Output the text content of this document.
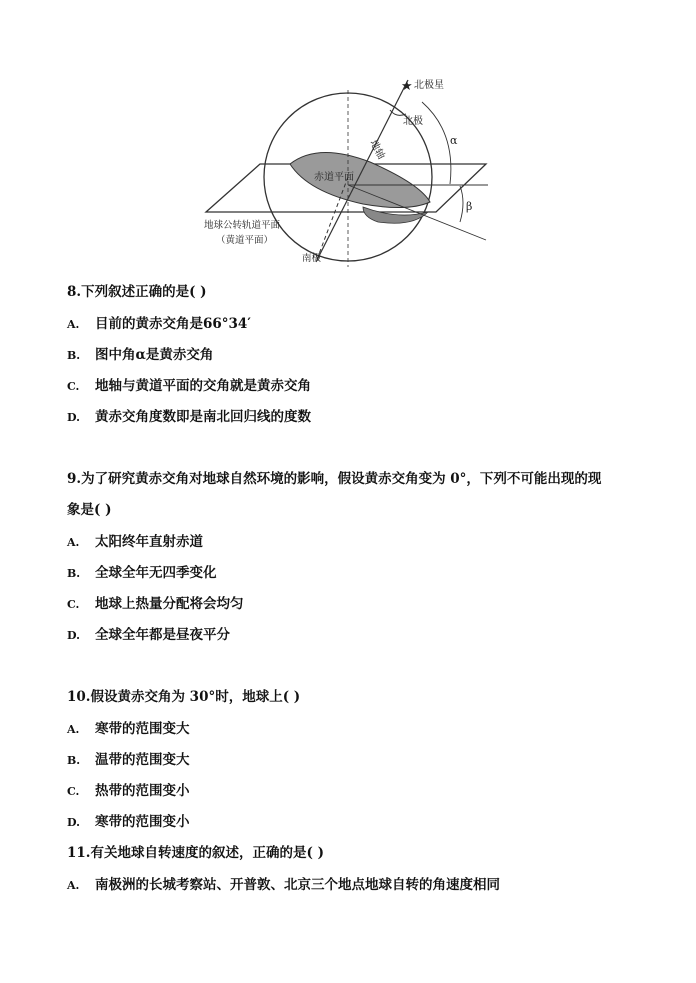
★ 北极星
北极
地轴
赤道平面
地球公转轨道平面
（黄道平面）
南极
α
β
8.下列叙述正确的是( )
A. 目前的黄赤交角是66°34′
B. 图中角α是黄赤交角
C. 地轴与黄道平面的交角就是黄赤交角
D. 黄赤交角度数即是南北回归线的度数
9.为了研究黄赤交角对地球自然环境的影响，假设黄赤交角变为 0°，下列不可能出现的现
象是( )
A. 太阳终年直射赤道
B. 全球全年无四季变化
C. 地球上热量分配将会均匀
D. 全球全年都是昼夜平分
10.假设黄赤交角为 30°时，地球上( )
A. 寒带的范围变大
B. 温带的范围变大
C. 热带的范围变小
D. 寒带的范围变小
11.有关地球自转速度的叙述，正确的是( )
A. 南极洲的长城考察站、开普敦、北京三个地点地球自转的角速度相同
